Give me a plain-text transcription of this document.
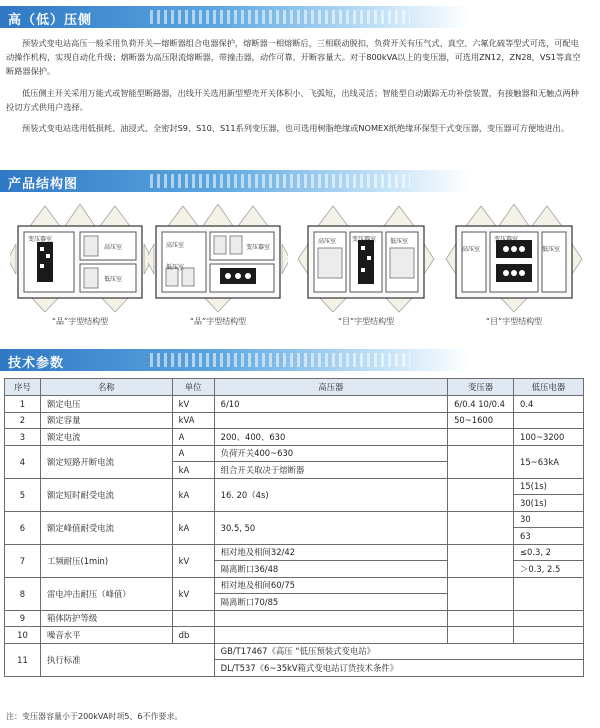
高（低）压侧

预装式变电站高压一般采用负荷开关—熔断器组合电器保护，熔断器一相熔断后，三相联动脱扣，负荷开关有压气式、真空、六氟化硫等型式可选，可配电动操作机构，实现自动化升级；熔断器为高压限流熔断器，带撞击器，动作可靠，开断容量大。对于800kVA以上的变压器，可选用ZN12，ZN28，VS1等真空断路器保护。

低压侧主开关采用万能式或智能型断路器，出线开关选用新型塑壳开关体积小、飞弧短，出线灵活；智能型自动跟踪无功补偿装置，有接触器和无触点两种投切方式供用户选择。

预装式变电站选用低损耗、油浸式、全密封S9、S10、S11系列变压器，也可选用树脂绝缘或NOMEX纸绝缘环保型干式变压器，变压器可方便地进出。

产品结构图
变压器室
高压室
低压室
“品”字型结构型
高压室
低压室
变压器室
“品”字型结构型
高压室	变压器室 低压室
“目”字型结构型
变压器室
高压室	低压室
“目”字型结构型
技术参数
序号	名称	单位	高压器	变压器	低压电器
1	额定电压	kV	6/10	6/0.4 10/0.4	0.4
2	额定容量	kVA		50~1600	
3	额定电流	A	200、400、630		100~3200
4	额定短路开断电流	A	负荷开关400~630		15~63kA
		kA	组合开关取决于熔断器		
5	额定短时耐受电流	kA	16. 20（4s)		15(1s)
					30(1s)
6	额定峰值耐受电流	kA	30.5, 50		30
					63
7	工频耐压(1min)	kV	相对地及相间32/42		≤0.3, 2
			隔离断口36/48		＞0.3, 2.5
8	雷电冲击耐压（峰值）	kV	相对地及相间60/75		
			隔离断口70/85		
9	箱体防护等级				
10	噪音水平	db			
11	执行标准		GB/T17467《高压 “低压预装式变电站》		
			DL/T537《6~35kV箱式变电站订货技术条件》		
注：变压器容量小于200kVA时项5、6不作要求。
